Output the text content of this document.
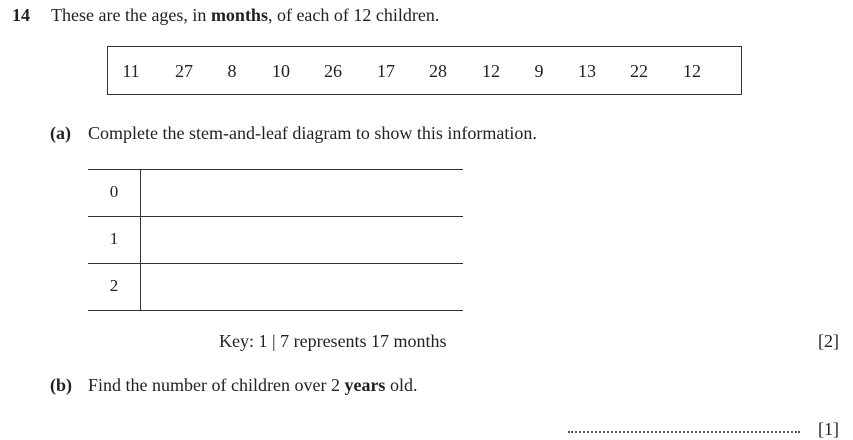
14 These are the ages, in months, of each of 12 children.
11 27 8 10 26 17 28 12 9 13 22 12
(a) Complete the stem-and-leaf diagram to show this information.
0
1
2
Key: 1 | 7 represents 17 months	[2]
(b) Find the number of children over 2 years old.
[1]
